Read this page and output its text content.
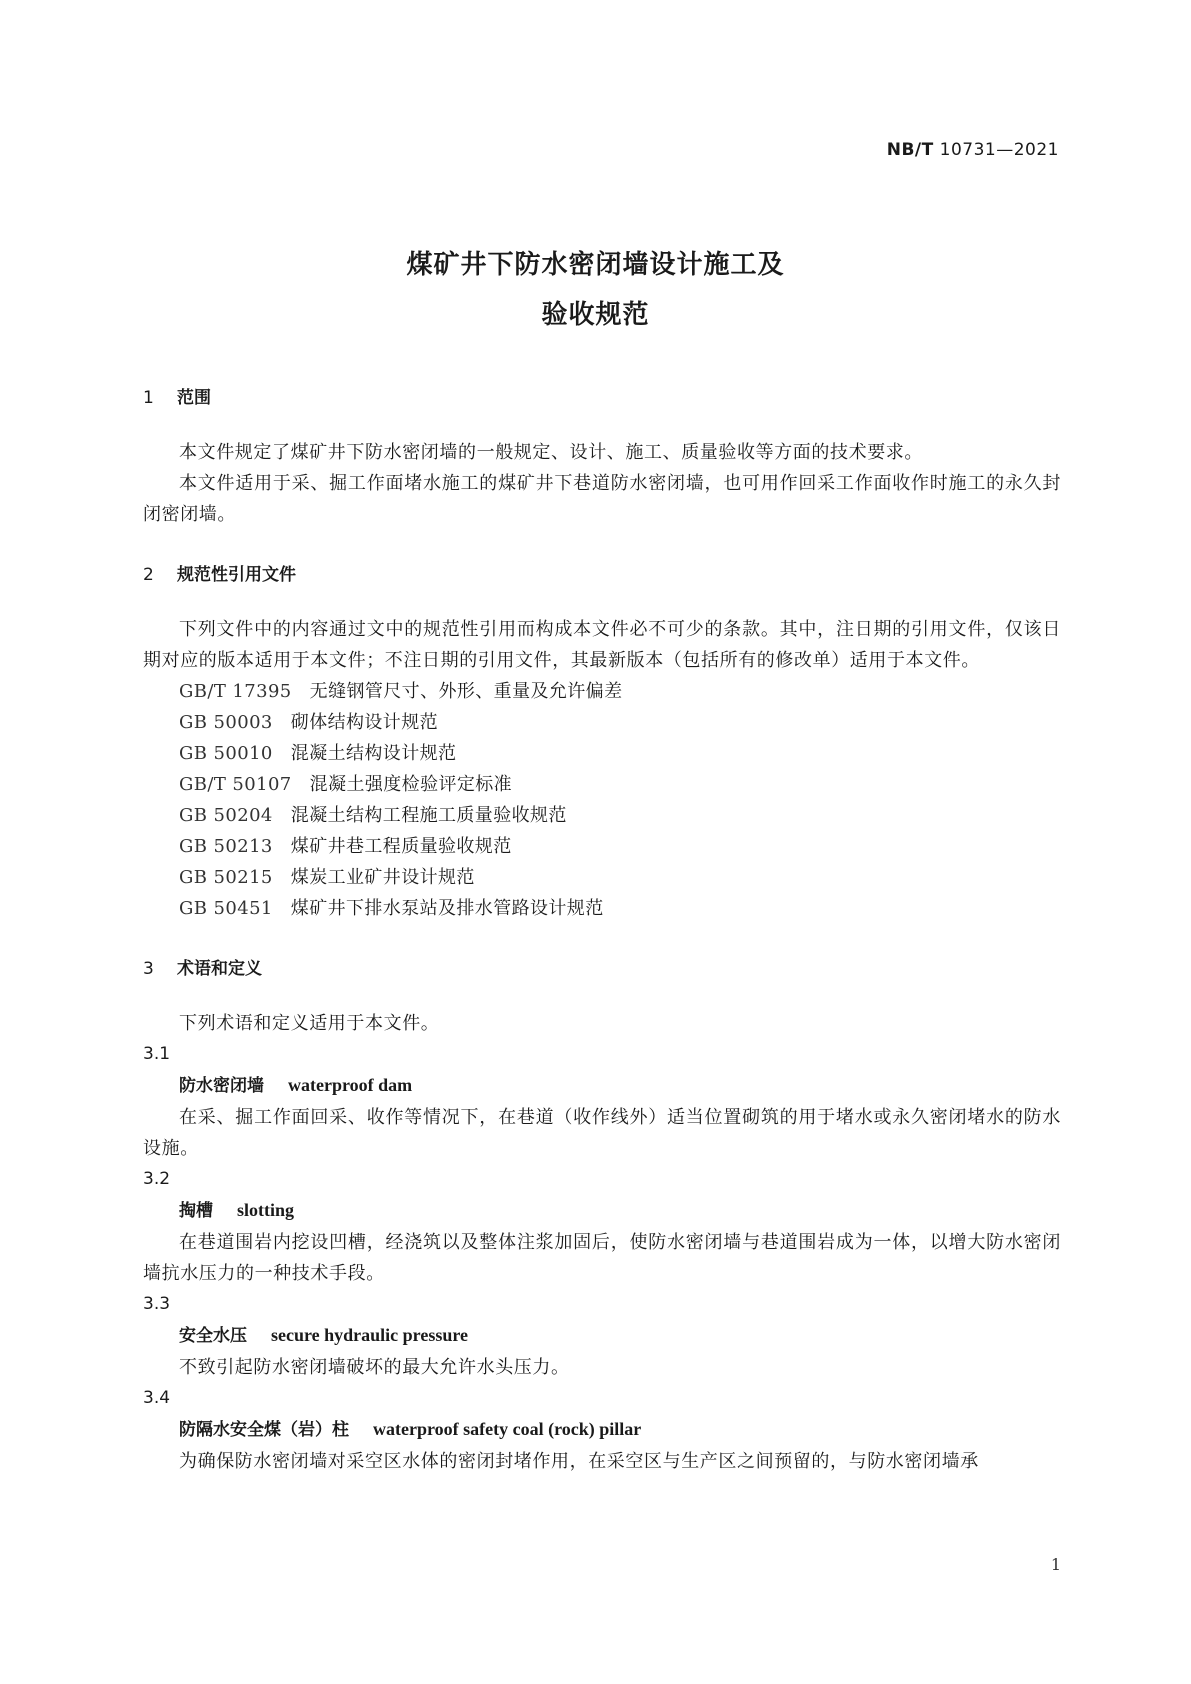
NB/T 10731—2021
煤矿井下防水密闭墙设计施工及
验收规范
1 范围
本文件规定了煤矿井下防水密闭墙的一般规定、设计、施工、质量验收等方面的技术要求。
本文件适用于采、掘工作面堵水施工的煤矿井下巷道防水密闭墙，也可用作回采工作面收作时施工的永久封闭密闭墙。
2 规范性引用文件
下列文件中的内容通过文中的规范性引用而构成本文件必不可少的条款。其中，注日期的引用文件，仅该日期对应的版本适用于本文件；不注日期的引用文件，其最新版本（包括所有的修改单）适用于本文件。
GB/T 17395 无缝钢管尺寸、外形、重量及允许偏差
GB 50003 砌体结构设计规范
GB 50010 混凝土结构设计规范
GB/T 50107 混凝土强度检验评定标准
GB 50204 混凝土结构工程施工质量验收规范
GB 50213 煤矿井巷工程质量验收规范
GB 50215 煤炭工业矿井设计规范
GB 50451 煤矿井下排水泵站及排水管路设计规范
3 术语和定义
下列术语和定义适用于本文件。
3.1
防水密闭墙 waterproof dam
在采、掘工作面回采、收作等情况下，在巷道（收作线外）适当位置砌筑的用于堵水或永久密闭堵水的防水设施。
3.2
掏槽 slotting
在巷道围岩内挖设凹槽，经浇筑以及整体注浆加固后，使防水密闭墙与巷道围岩成为一体，以增大防水密闭墙抗水压力的一种技术手段。
3.3
安全水压 secure hydraulic pressure
不致引起防水密闭墙破坏的最大允许水头压力。
3.4
防隔水安全煤（岩）柱 waterproof safety coal (rock) pillar
为确保防水密闭墙对采空区水体的密闭封堵作用，在采空区与生产区之间预留的，与防水密闭墙承
1
